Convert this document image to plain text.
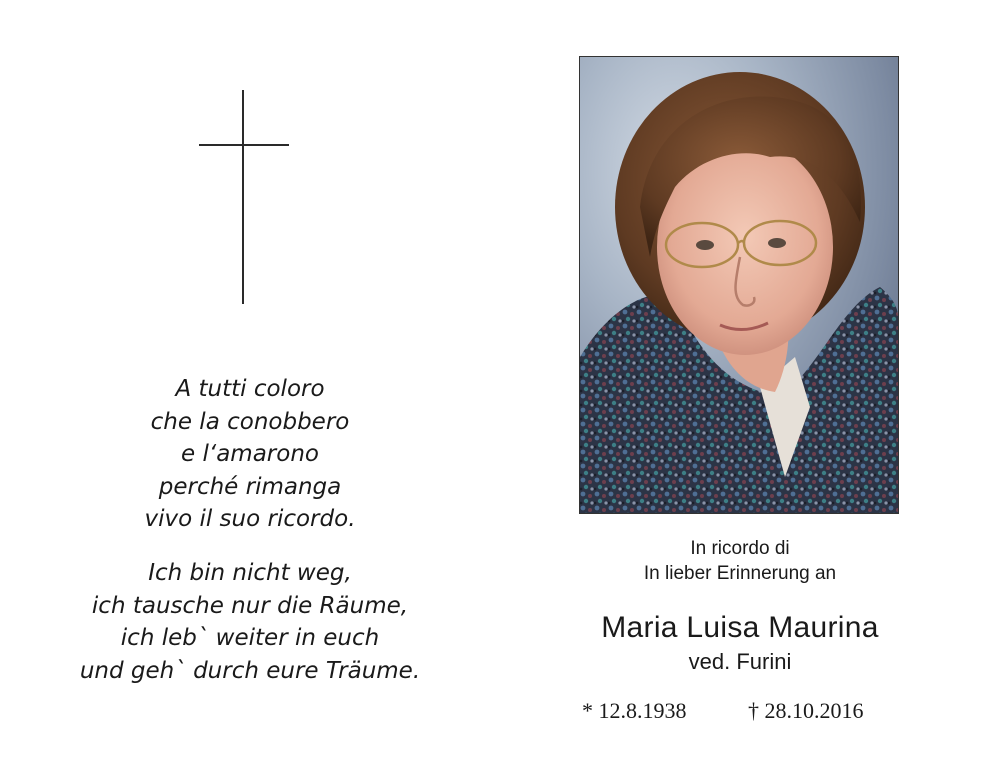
A tutti coloro
che la conobbero
e l‘amarono
perché rimanga
vivo il suo ricordo.
Ich bin nicht weg,
ich tausche nur die Räume,
ich leb` weiter in euch
und geh` durch eure Träume.
In ricordo di
In lieber Erinnerung an
Maria Luisa Maurina
ved. Furini
* 12.8.1938	† 28.10.2016
